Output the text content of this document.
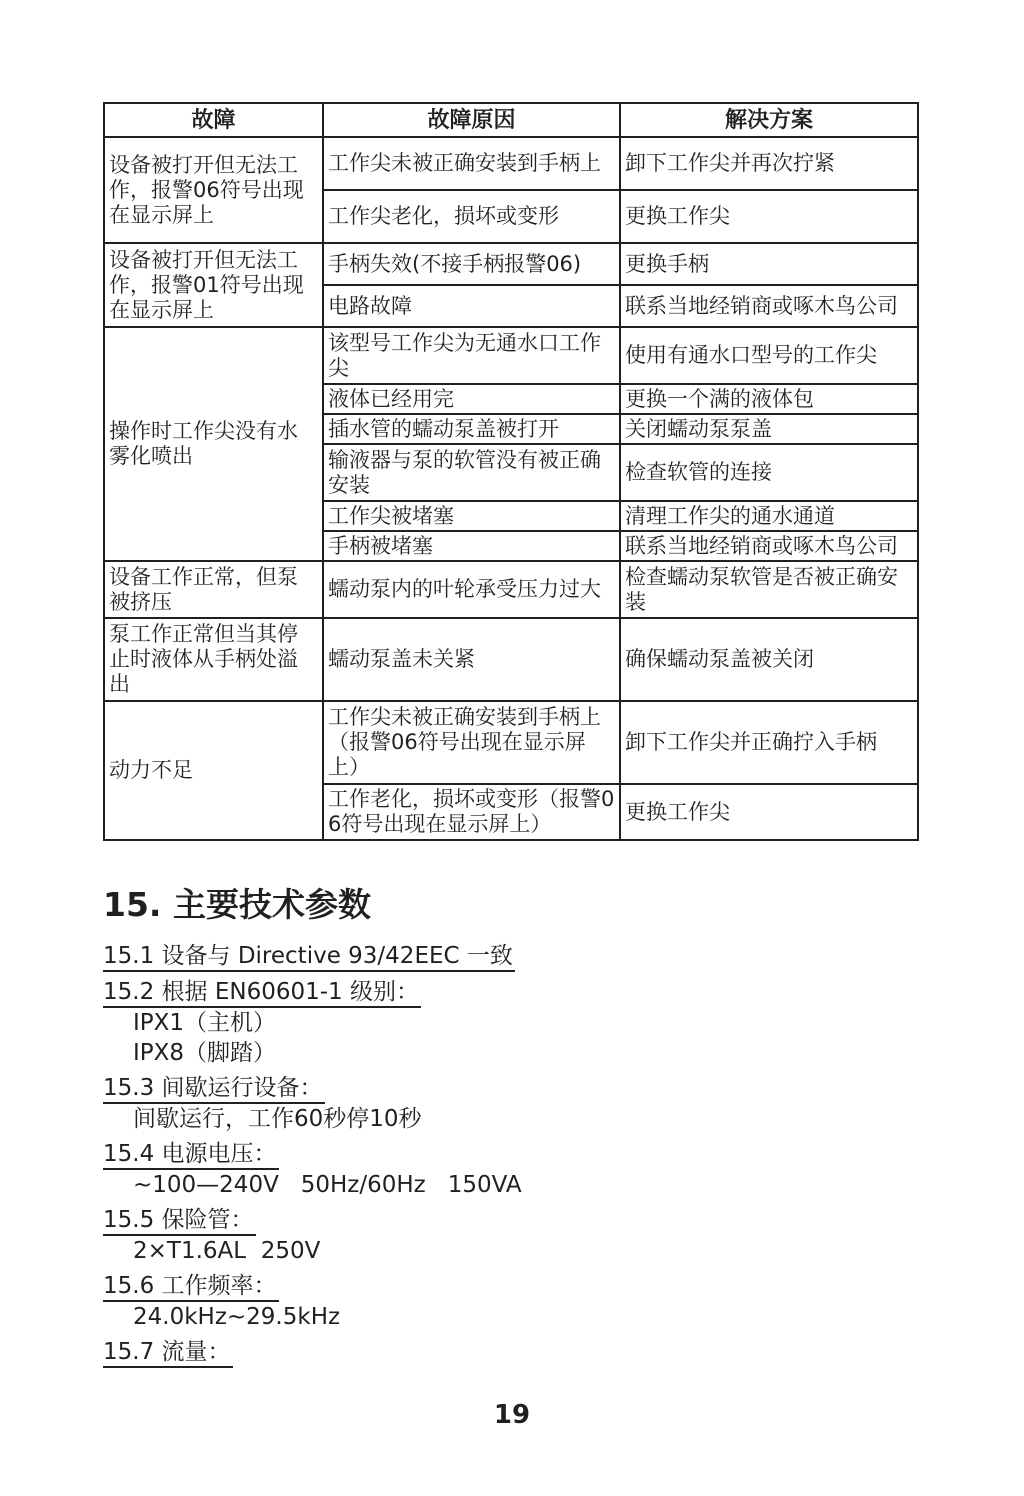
故障	故障原因	解决方案
设备被打开但无法工作，报警06符号出现在显示屏上	工作尖未被正确安装到手柄上	卸下工作尖并再次拧紧
	工作尖老化，损坏或变形	更换工作尖
设备被打开但无法工作，报警01符号出现在显示屏上	手柄失效(不接手柄报警06)	更换手柄
	电路故障	联系当地经销商或啄木鸟公司
操作时工作尖没有水雾化喷出	该型号工作尖为无通水口工作尖	使用有通水口型号的工作尖
	液体已经用完	更换一个满的液体包
	插水管的蠕动泵盖被打开	关闭蠕动泵泵盖
	输液器与泵的软管没有被正确安装	检查软管的连接
	工作尖被堵塞	清理工作尖的通水通道
	手柄被堵塞	联系当地经销商或啄木鸟公司
设备工作正常，但泵被挤压	蠕动泵内的叶轮承受压力过大	检查蠕动泵软管是否被正确安装
泵工作正常但当其停止时液体从手柄处溢出	蠕动泵盖未关紧	确保蠕动泵盖被关闭
动力不足	工作尖未被正确安装到手柄上（报警06符号出现在显示屏上）	卸下工作尖并正确拧入手柄
	工作老化，损坏或变形（报警06符号出现在显示屏上）	更换工作尖
15. 主要技术参数
15.1 设备与 Directive 93/42EEC 一致
15.2 根据 EN60601-1 级别：
IPX1（主机）
IPX8（脚踏）
15.3 间歇运行设备：
间歇运行，工作60秒停10秒
15.4 电源电压：
~100—240V   50Hz/60Hz   150VA
15.5 保险管：
2×T1.6AL  250V
15.6 工作频率：
24.0kHz~29.5kHz
15.7 流量：
19
